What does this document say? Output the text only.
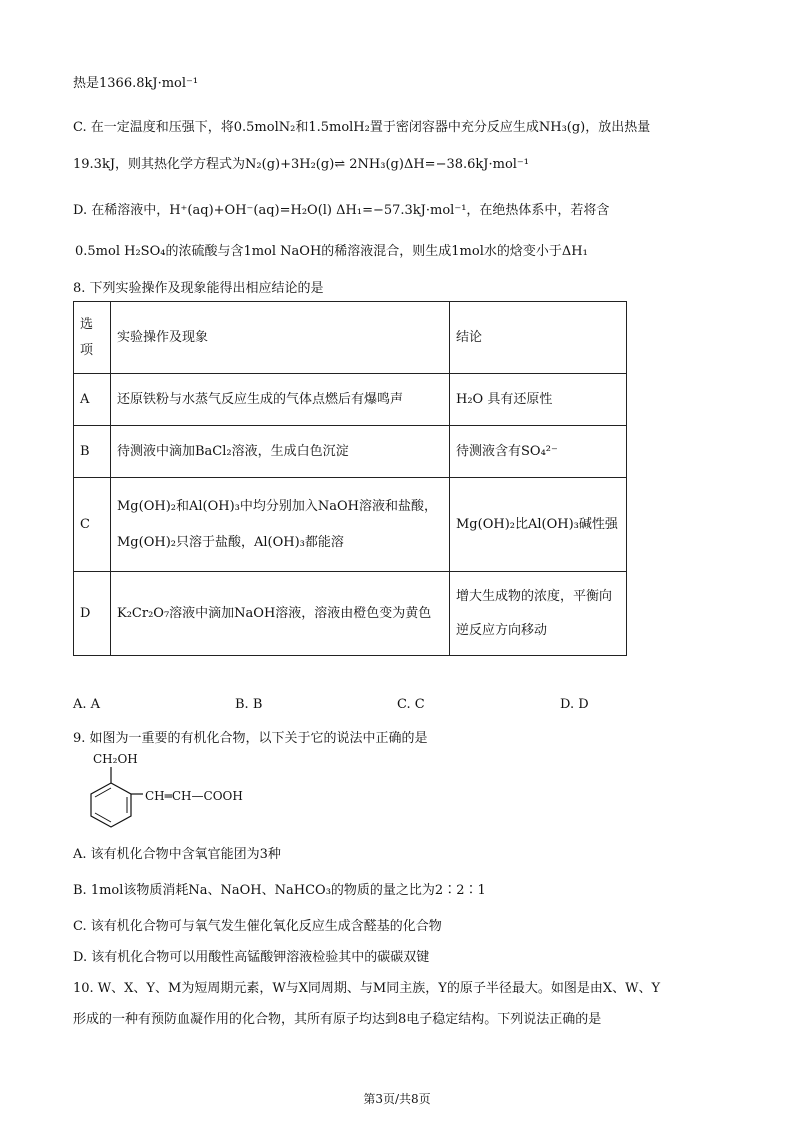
热是1366.8kJ·mol⁻¹
C. 在一定温度和压强下，将0.5molN₂和1.5molH₂置于密闭容器中充分反应生成NH₃(g)，放出热量
19.3kJ，则其热化学方程式为N₂(g)+3H₂(g)⇌ 2NH₃(g)ΔH=−38.6kJ·mol⁻¹
D. 在稀溶液中，H⁺(aq)+OH⁻(aq)=H₂O(l) ΔH₁=−57.3kJ·mol⁻¹，在绝热体系中，若将含
0.5mol H₂SO₄的浓硫酸与含1mol NaOH的稀溶液混合，则生成1mol水的焓变小于ΔH₁
8. 下列实验操作及现象能得出相应结论的是
选项	实验操作及现象	结论
A	还原铁粉与水蒸气反应生成的气体点燃后有爆鸣声	H₂O 具有还原性
B	待测液中滴加BaCl₂溶液，生成白色沉淀	待测液含有SO₄²⁻
C	Mg(OH)₂和Al(OH)₃中均分别加入NaOH溶液和盐酸，Mg(OH)₂只溶于盐酸，Al(OH)₃都能溶	Mg(OH)₂比Al(OH)₃碱性强
D	K₂Cr₂O₇溶液中滴加NaOH溶液，溶液由橙色变为黄色	增大生成物的浓度，平衡向逆反应方向移动
A. A	B. B	C. C	D. D
9. 如图为一重要的有机化合物，以下关于它的说法中正确的是
CH₂OH
CH═CH—COOH
A. 该有机化合物中含氧官能团为3种
B. 1mol该物质消耗Na、NaOH、NaHCO₃的物质的量之比为2∶2∶1
C. 该有机化合物可与氧气发生催化氧化反应生成含醛基的化合物
D. 该有机化合物可以用酸性高锰酸钾溶液检验其中的碳碳双键
10. W、X、Y、M为短周期元素，W与X同周期、与M同主族，Y的原子半径最大。如图是由X、W、Y
形成的一种有预防血凝作用的化合物，其所有原子均达到8电子稳定结构。下列说法正确的是
第3页/共8页
